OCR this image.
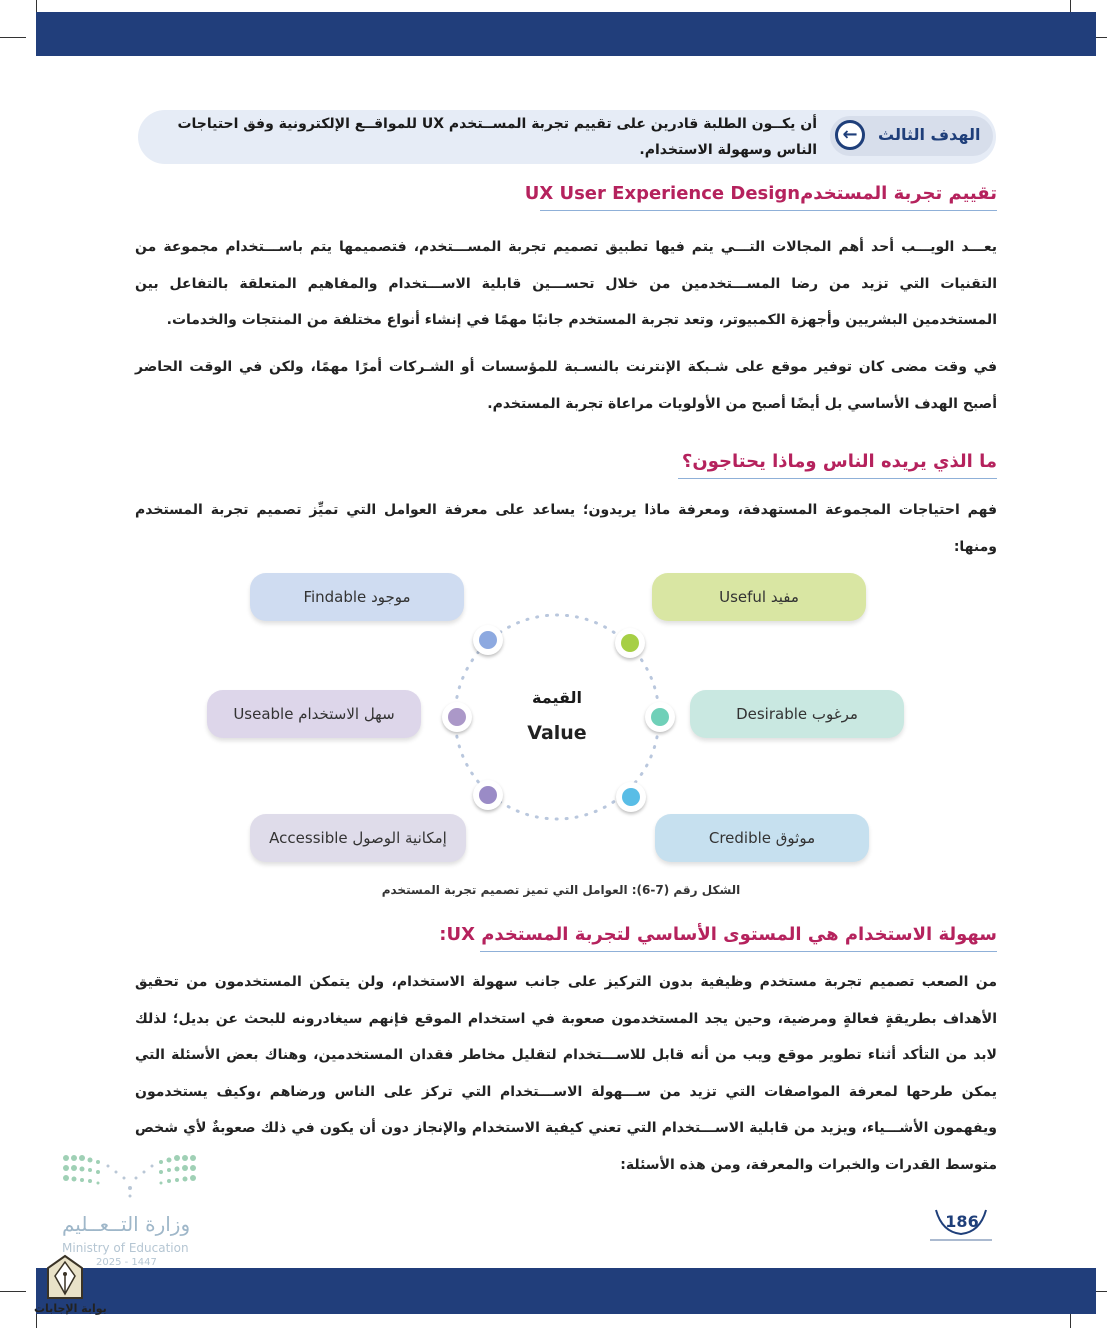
الهدف الثالث
←
أن يكــون الطلبة قادرين على تقييم تجربة المســتخدم UX للمواقــع الإلكترونية وفق احتياجات
الناس وسهولة الاستخدام.
تقييم تجربة المستخدمUX User Experience Design
يعـــد الويـــب أحد أهم المجالات التـــي يتم فيها تطبيق تصميم تجربة المســـتخدم، فتصميمها يتم باســـتخدام مجموعة من التقنيات التي تزيد من رضا المســـتخدمين من خلال تحســـين قابلية الاســـتخدام والمفاهيم المتعلقة بالتفاعل بين المستخدمين البشريين وأجهزة الكمبيوتر، وتعد تجربة المستخدم جانبًا مهمًا في إنشاء أنواع مختلفة من المنتجات والخدمات.
في وقت مضى كان توفير موقع على شـبكة الإنترنت بالنسـبة للمؤسسات أو الشـركات أمرًا مهمًا، ولكن في الوقت الحاضر أصبح الهدف الأساسي بل أيضًا أصبح من الأولويات مراعاة تجربة المستخدم.
ما الذي يريده الناس وماذا يحتاجون؟
فهم احتياجات المجموعة المستهدفة، ومعرفة ماذا يريدون؛ يساعد على معرفة العوامل التي تميِّز تصميم تجربة المستخدم ومنها:
القيمة
Value
Findable موجود	Useful مفيد
Useable سهل الاستخدام	Desirable مرغوب
Accessible إمكانية الوصول	Credible موثوق
الشكل رقم (7-6): العوامل التي تميز تصميم تجربة المستخدم
سهولة الاستخدام هي المستوى الأساسي لتجربة المستخدم UX:
من الصعب تصميم تجربة مستخدم وظيفية بدون التركيز على جانب سهولة الاستخدام، ولن يتمكن المستخدمون من تحقيق الأهداف بطريقةٍ فعالةٍ ومرضية، وحين يجد المستخدمون صعوبة في استخدام الموقع فإنهم سيغادرونه للبحث عن بديل؛ لذلك لابد من التأكد أثناء تطوير موقع ويب من أنه قابل للاســـتخدام لتقليل مخاطر فقدان المستخدمين، وهناك بعض الأسئلة التي يمكن طرحها لمعرفة المواصفات التي تزيد من ســـهولة الاســـتخدام التي تركز على الناس ورضاهم ،وكيف يستخدمون ويفهمون الأشـــياء، ويزيد من قابلية الاســـتخدام التي تعني كيفية الاستخدام والإنجاز دون أن يكون في ذلك صعوبةٌ لأي شخص متوسط القدرات والخبرات والمعرفة، ومن هذه الأسئلة:
وزارة التــعــليم
Ministry of Education
2025 - 1447
186
بوابة الإجابات
